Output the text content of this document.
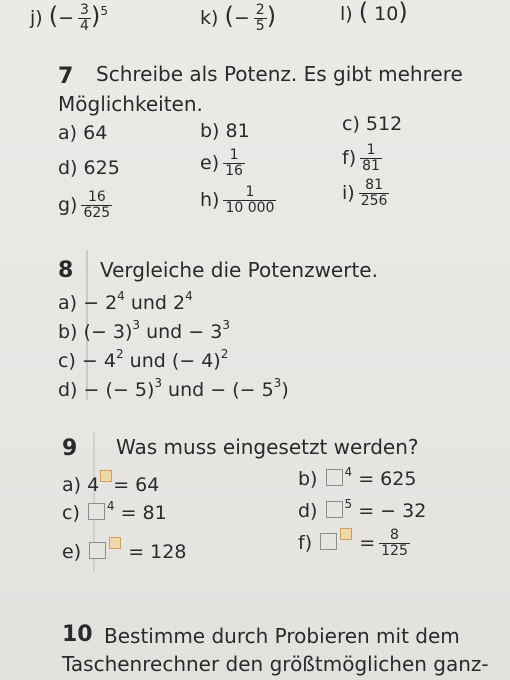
j) (− $\frac{3}{4} )^5$	k) (− $\frac{2}{5}$ )	l) ( 10)
7 Schreibe als Potenz. Es gibt mehrere
Möglichkeiten.
a) 64	b) 81	c) 512
d) 625	$e) \frac{1}{16}$	$f) \frac{1}{81}$
$g) \frac{16}{625}$	$h) \frac{1}{10 000}$	$i) \frac{81}{256}$
8 Vergleiche die Potenzwerte.
$a) - 2^4$ und $2^4$
b) (− 3)$^3$ und − $3^3$
$c) - 4^2$ und (− 4)$^2$
d) − (− 5)$^3$ und − (− $5^3$)
9 Was muss eingesetzt werden?
a) 4 = 64	b) $^4$ = 625
c) $^4$ = 81	d) $^5$ = − 32
e)  = 128	$f) = \frac{8}{125}$
10 Bestimme durch Probieren mit dem
Taschenrechner den größtmöglichen ganz-
